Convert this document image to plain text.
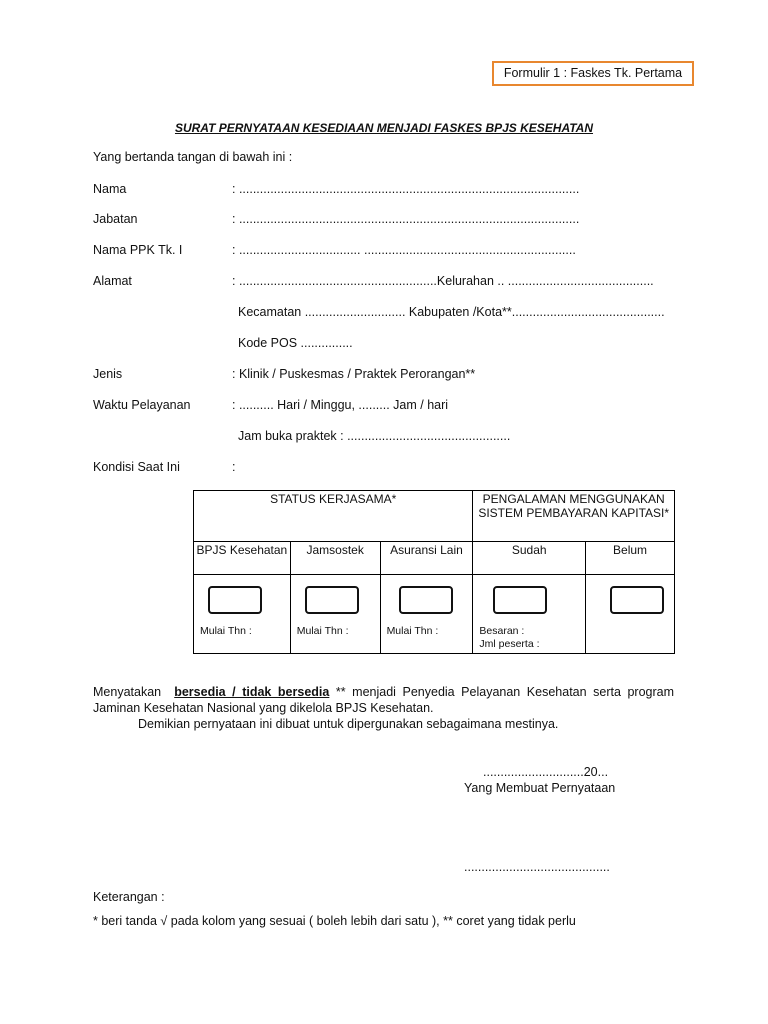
Formulir 1 : Faskes Tk. Pertama
SURAT PERNYATAAN KESEDIAAN MENJADI FASKES BPJS KESEHATAN
Yang bertanda tangan di bawah ini :
Nama	: ..................................................................................................
Jabatan	: ..................................................................................................
Nama PPK Tk. I	: ................................... .............................................................
Alamat	: .........................................................Kelurahan .. ..........................................
Kecamatan ............................. Kabupaten /Kota**............................................
Kode POS ...............
Jenis	: Klinik / Puskesmas / Praktek Perorangan**
Waktu Pelayanan	: .......... Hari / Minggu, ......... Jam / hari
Jam buka praktek : ...............................................
Kondisi Saat Ini	:
STATUS KERJASAMA*			PENGALAMAN MENGGUNAKAN SISTEM PEMBAYARAN KAPITASI*	
BPJS Kesehatan	Jamsostek	Asuransi Lain	Sudah	Belum

Mulai Thn :	Mulai Thn :	Mulai Thn :	Besaran :
Jml peserta :	

Menyatakan bersedia / tidak bersedia ** menjadi Penyedia Pelayanan Kesehatan serta program Jaminan Kesehatan Nasional yang dikelola BPJS Kesehatan.
Demikian pernyataan ini dibuat untuk dipergunakan sebagaimana mestinya.
.............................20...
Yang Membuat Pernyataan
..........................................
Keterangan :
* beri tanda √ pada kolom yang sesuai ( boleh lebih dari satu ), ** coret yang tidak perlu
